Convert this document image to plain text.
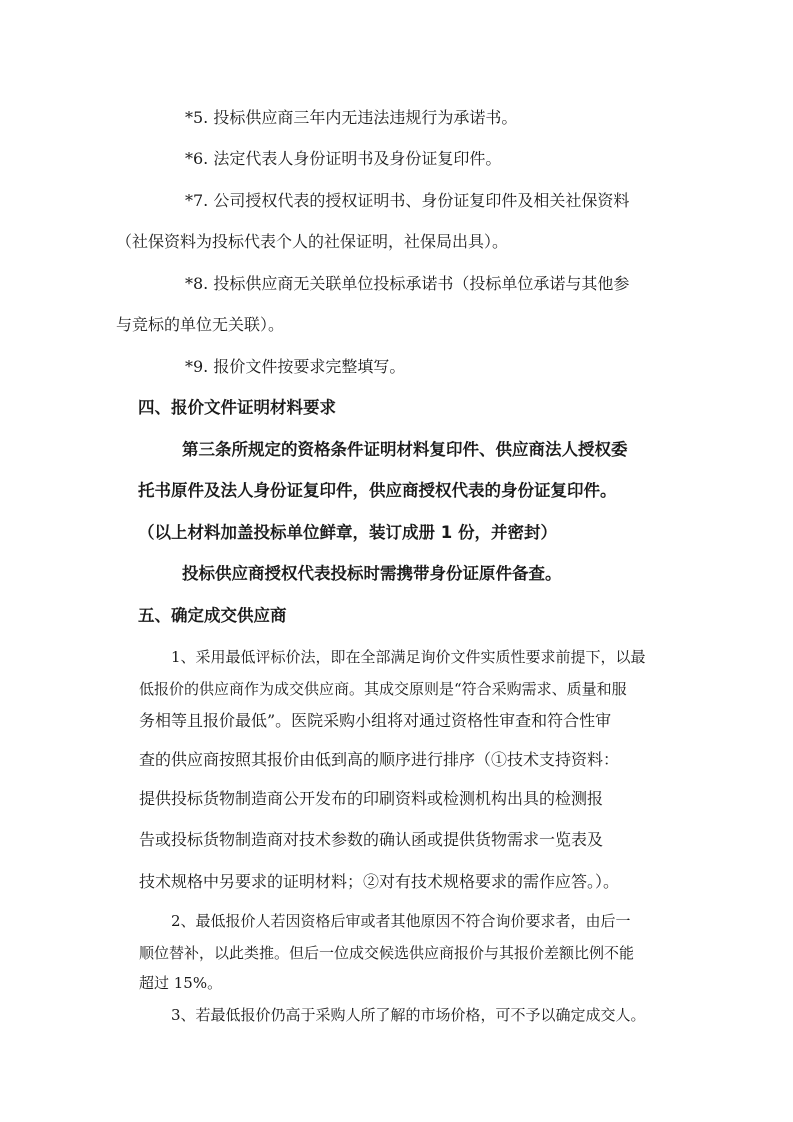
*5. 投标供应商三年内无违法违规行为承诺书。
*6. 法定代表人身份证明书及身份证复印件。
*7. 公司授权代表的授权证明书、身份证复印件及相关社保资料
（社保资料为投标代表个人的社保证明，社保局出具）。
*8. 投标供应商无关联单位投标承诺书（投标单位承诺与其他参
与竞标的单位无关联）。
*9. 报价文件按要求完整填写。
四、报价文件证明材料要求
第三条所规定的资格条件证明材料复印件、供应商法人授权委
托书原件及法人身份证复印件，供应商授权代表的身份证复印件。
（以上材料加盖投标单位鲜章，装订成册 1 份，并密封）
投标供应商授权代表投标时需携带身份证原件备查。
五、确定成交供应商
1、采用最低评标价法，即在全部满足询价文件实质性要求前提下，以最
低报价的供应商作为成交供应商。其成交原则是“符合采购需求、质量和服
务相等且报价最低”。医院采购小组将对通过资格性审查和符合性审
查的供应商按照其报价由低到高的顺序进行排序（①技术支持资料：
提供投标货物制造商公开发布的印刷资料或检测机构出具的检测报
告或投标货物制造商对技术参数的确认函或提供货物需求一览表及
技术规格中另要求的证明材料；②对有技术规格要求的需作应答。）。
2、最低报价人若因资格后审或者其他原因不符合询价要求者，由后一
顺位替补，以此类推。但后一位成交候选供应商报价与其报价差额比例不能
超过 15%。
3、若最低报价仍高于采购人所了解的市场价格，可不予以确定成交人。
